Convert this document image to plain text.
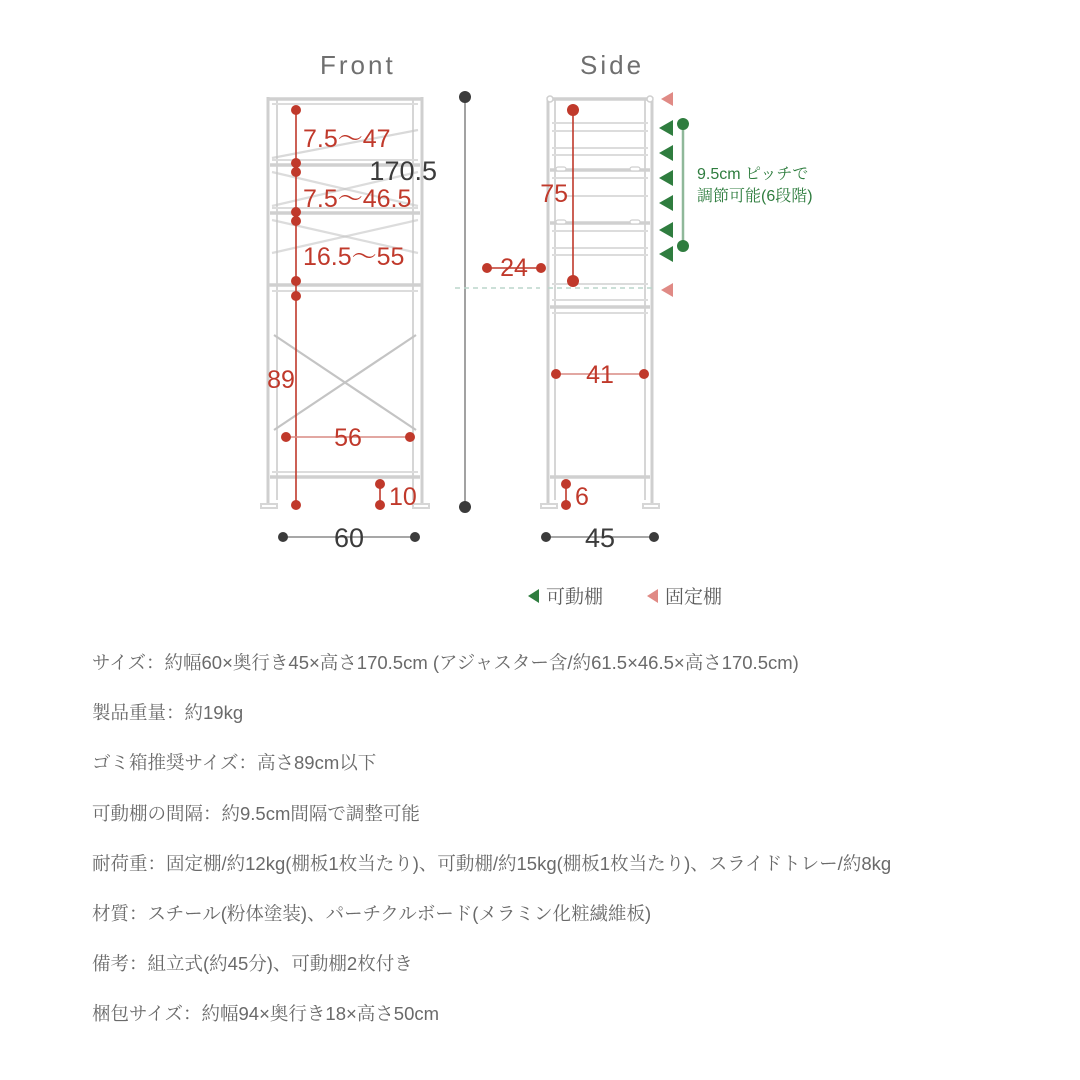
Front	Side
7.5〜47
7.5〜46.5
16.5〜55
89
56
10
60
170.5
75
24
41
6
45
9.5cm ピッチで
調節可能(6段階)
可動棚	固定棚
サイズ：約幅60×奥行き45×高さ170.5cm (アジャスター含/約61.5×46.5×高さ170.5cm)
製品重量：約19kg
ゴミ箱推奨サイズ：高さ89cm以下
可動棚の間隔：約9.5cm間隔で調整可能
耐荷重：固定棚/約12kg(棚板1枚当たり)、可動棚/約15kg(棚板1枚当たり)、スライドトレー/約8kg
材質：スチール(粉体塗装)、パーチクルボード(メラミン化粧繊維板)
備考：組立式(約45分)、可動棚2枚付き
梱包サイズ：約幅94×奥行き18×高さ50cm
